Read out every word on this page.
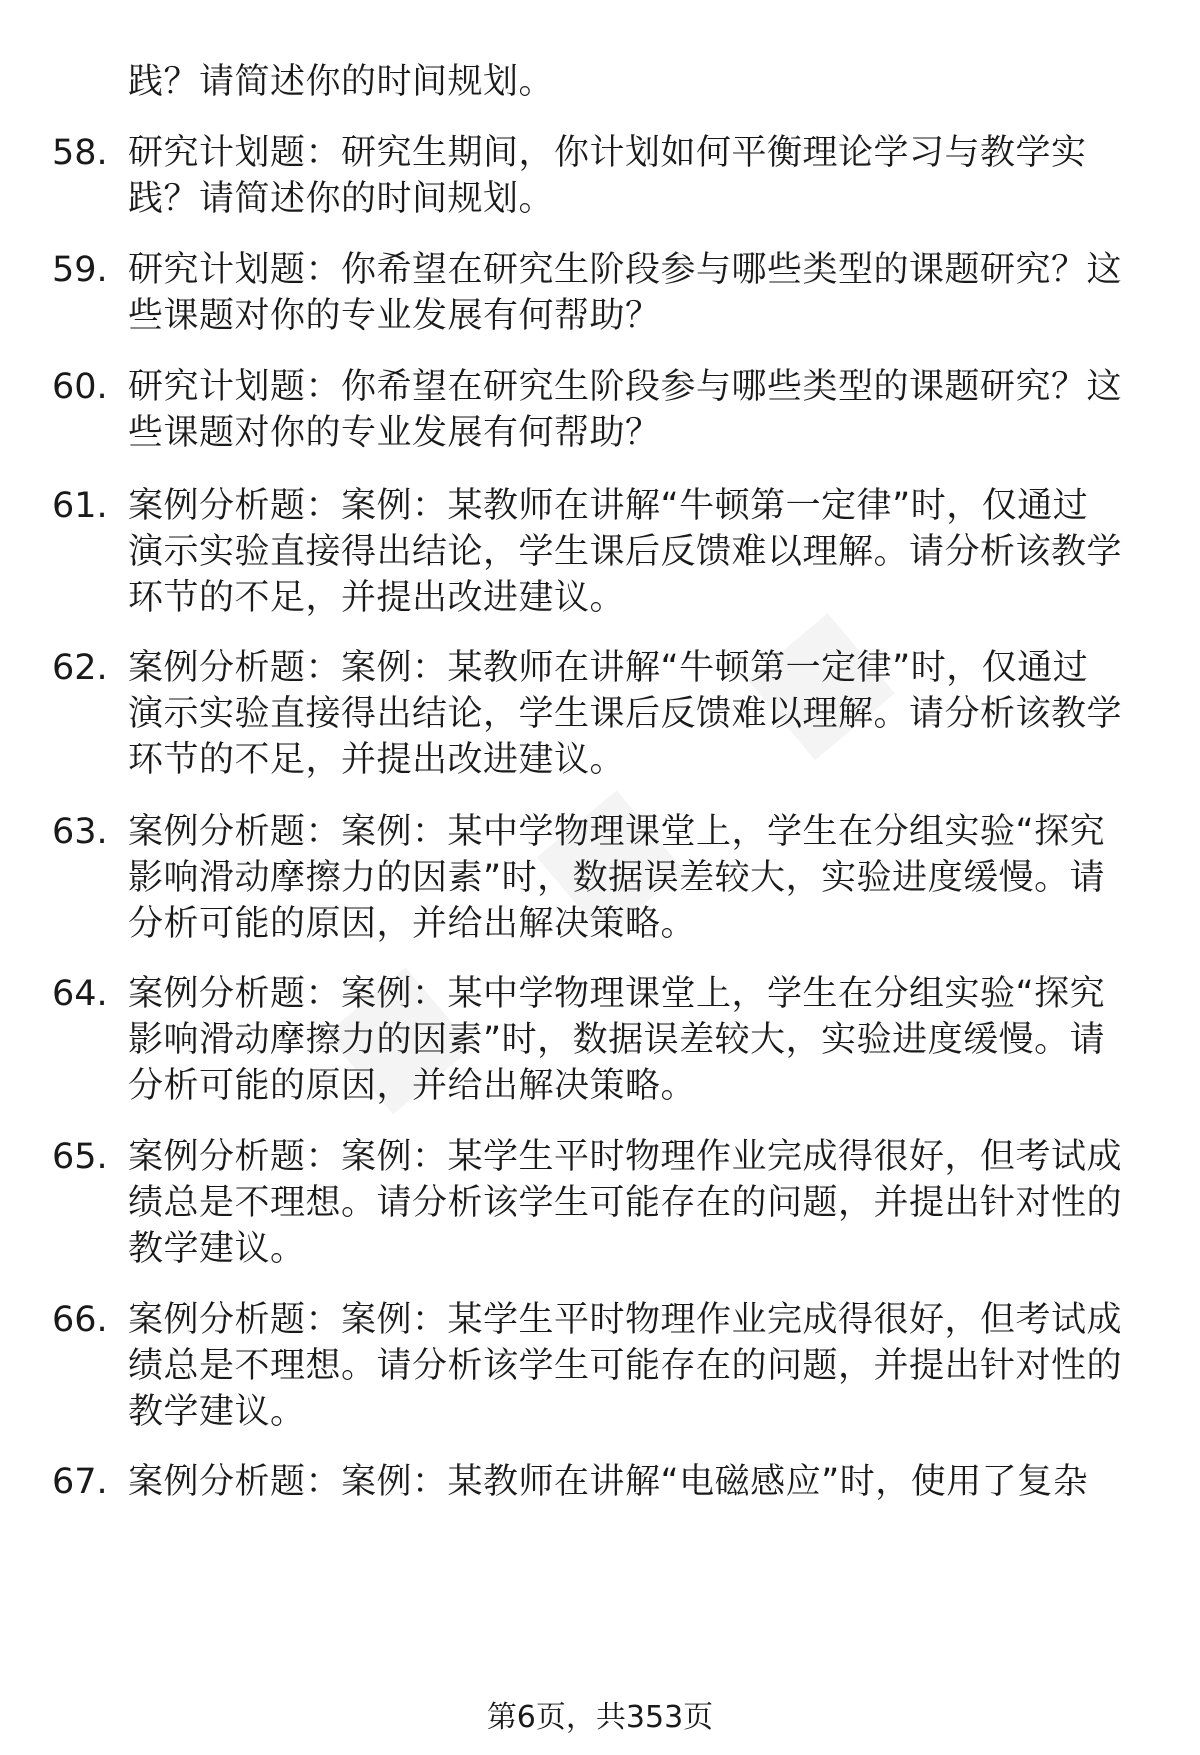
践？请简述你的时间规划。
58. 研究计划题：研究生期间，你计划如何平衡理论学习与教学实
践？请简述你的时间规划。
59. 研究计划题：你希望在研究生阶段参与哪些类型的课题研究？这
些课题对你的专业发展有何帮助？
60. 研究计划题：你希望在研究生阶段参与哪些类型的课题研究？这
些课题对你的专业发展有何帮助？
61. 案例分析题：案例：某教师在讲解“牛顿第一定律”时，仅通过
演示实验直接得出结论，学生课后反馈难以理解。请分析该教学
环节的不足，并提出改进建议。
62. 案例分析题：案例：某教师在讲解“牛顿第一定律”时，仅通过
演示实验直接得出结论，学生课后反馈难以理解。请分析该教学
环节的不足，并提出改进建议。
63. 案例分析题：案例：某中学物理课堂上，学生在分组实验“探究
影响滑动摩擦力的因素”时，数据误差较大，实验进度缓慢。请
分析可能的原因，并给出解决策略。
64. 案例分析题：案例：某中学物理课堂上，学生在分组实验“探究
影响滑动摩擦力的因素”时，数据误差较大，实验进度缓慢。请
分析可能的原因，并给出解决策略。
65. 案例分析题：案例：某学生平时物理作业完成得很好，但考试成
绩总是不理想。请分析该学生可能存在的问题，并提出针对性的
教学建议。
66. 案例分析题：案例：某学生平时物理作业完成得很好，但考试成
绩总是不理想。请分析该学生可能存在的问题，并提出针对性的
教学建议。
67. 案例分析题：案例：某教师在讲解“电磁感应”时，使用了复杂
第6页，共353页
